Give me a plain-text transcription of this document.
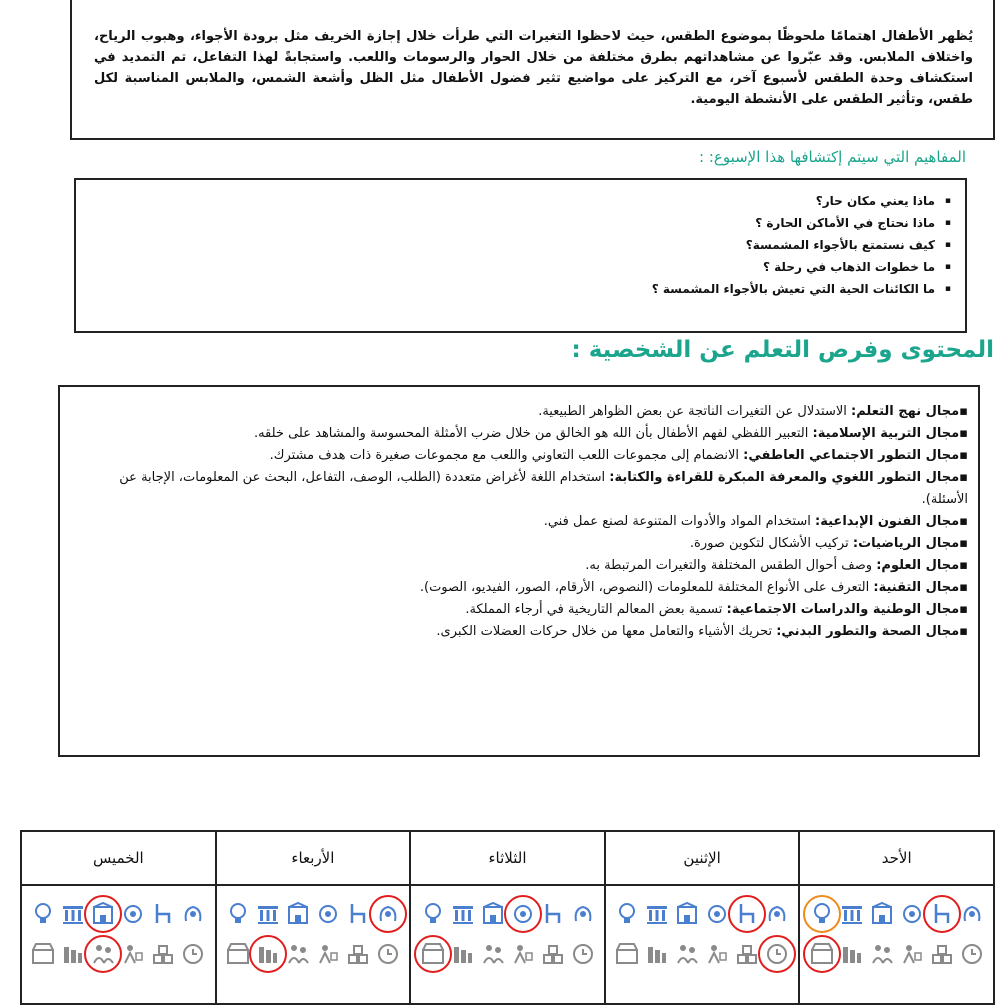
يُظهر الأطفال اهتمامًا ملحوظًا بموضوع الطقس، حيث لاحظوا التغيرات التي طرأت خلال إجازة الخريف مثل برودة الأجواء، وهبوب الرياح، واختلاف الملابس. وقد عبّروا عن مشاهداتهم بطرق مختلفة من خلال الحوار والرسومات واللعب. واستجابةً لهذا التفاعل، تم التمديد في استكشاف وحدة الطقس لأسبوع آخر، مع التركيز على مواضيع تثير فضول الأطفال مثل الظل وأشعة الشمس، والملابس المناسبة لكل طقس، وتأثير الطقس على الأنشطة اليومية.
المفاهيم التي سيتم إكتشافها هذا الإسبوع: :
▪ ماذا يعني مكان حار؟
▪ ماذا نحتاج في الأماكن الحارة ؟
▪ كيف نستمتع بالأجواء المشمسة؟
▪ ما خطوات الذهاب في رحلة ؟
▪ ما الكائنات الحية التي تعيش بالأجواء المشمسة ؟
المحتوى وفرص التعلم عن الشخصية :
▪مجال نهج التعلم: الاستدلال عن التغيرات الناتجة عن بعض الظواهر الطبيعية.
▪مجال التربية الإسلامية: التعبير اللفظي لفهم الأطفال بأن الله هو الخالق من خلال ضرب الأمثلة المحسوسة والمشاهد على خلقه.
▪مجال التطور الاجتماعي العاطفي: الانضمام إلى مجموعات اللعب التعاوني واللعب مع مجموعات صغيرة ذات هدف مشترك.
▪مجال التطور اللغوي والمعرفة المبكرة للقراءة والكتابة: استخدام اللغة لأغراض متعددة (الطلب، الوصف، التفاعل، البحث عن المعلومات، الإجابة عن الأسئلة).
▪مجال الفنون الإبداعية: استخدام المواد والأدوات المتنوعة لصنع عمل فني.
▪مجال الرياضيات: تركيب الأشكال لتكوين صورة.
▪مجال العلوم: وصف أحوال الطقس المختلفة والتغيرات المرتبطة به.
▪مجال التقنية: التعرف على الأنواع المختلفة للمعلومات (النصوص، الأرقام، الصور، الفيديو، الصوت).
▪مجال الوطنية والدراسات الاجتماعية: تسمية بعض المعالم التاريخية في أرجاء المملكة.
▪مجال الصحة والتطور البدني: تحريك الأشياء والتعامل معها من خلال حركات العضلات الكبرى.
الأحد	الإثنين	الثلاثاء	الأربعاء	الخميس
